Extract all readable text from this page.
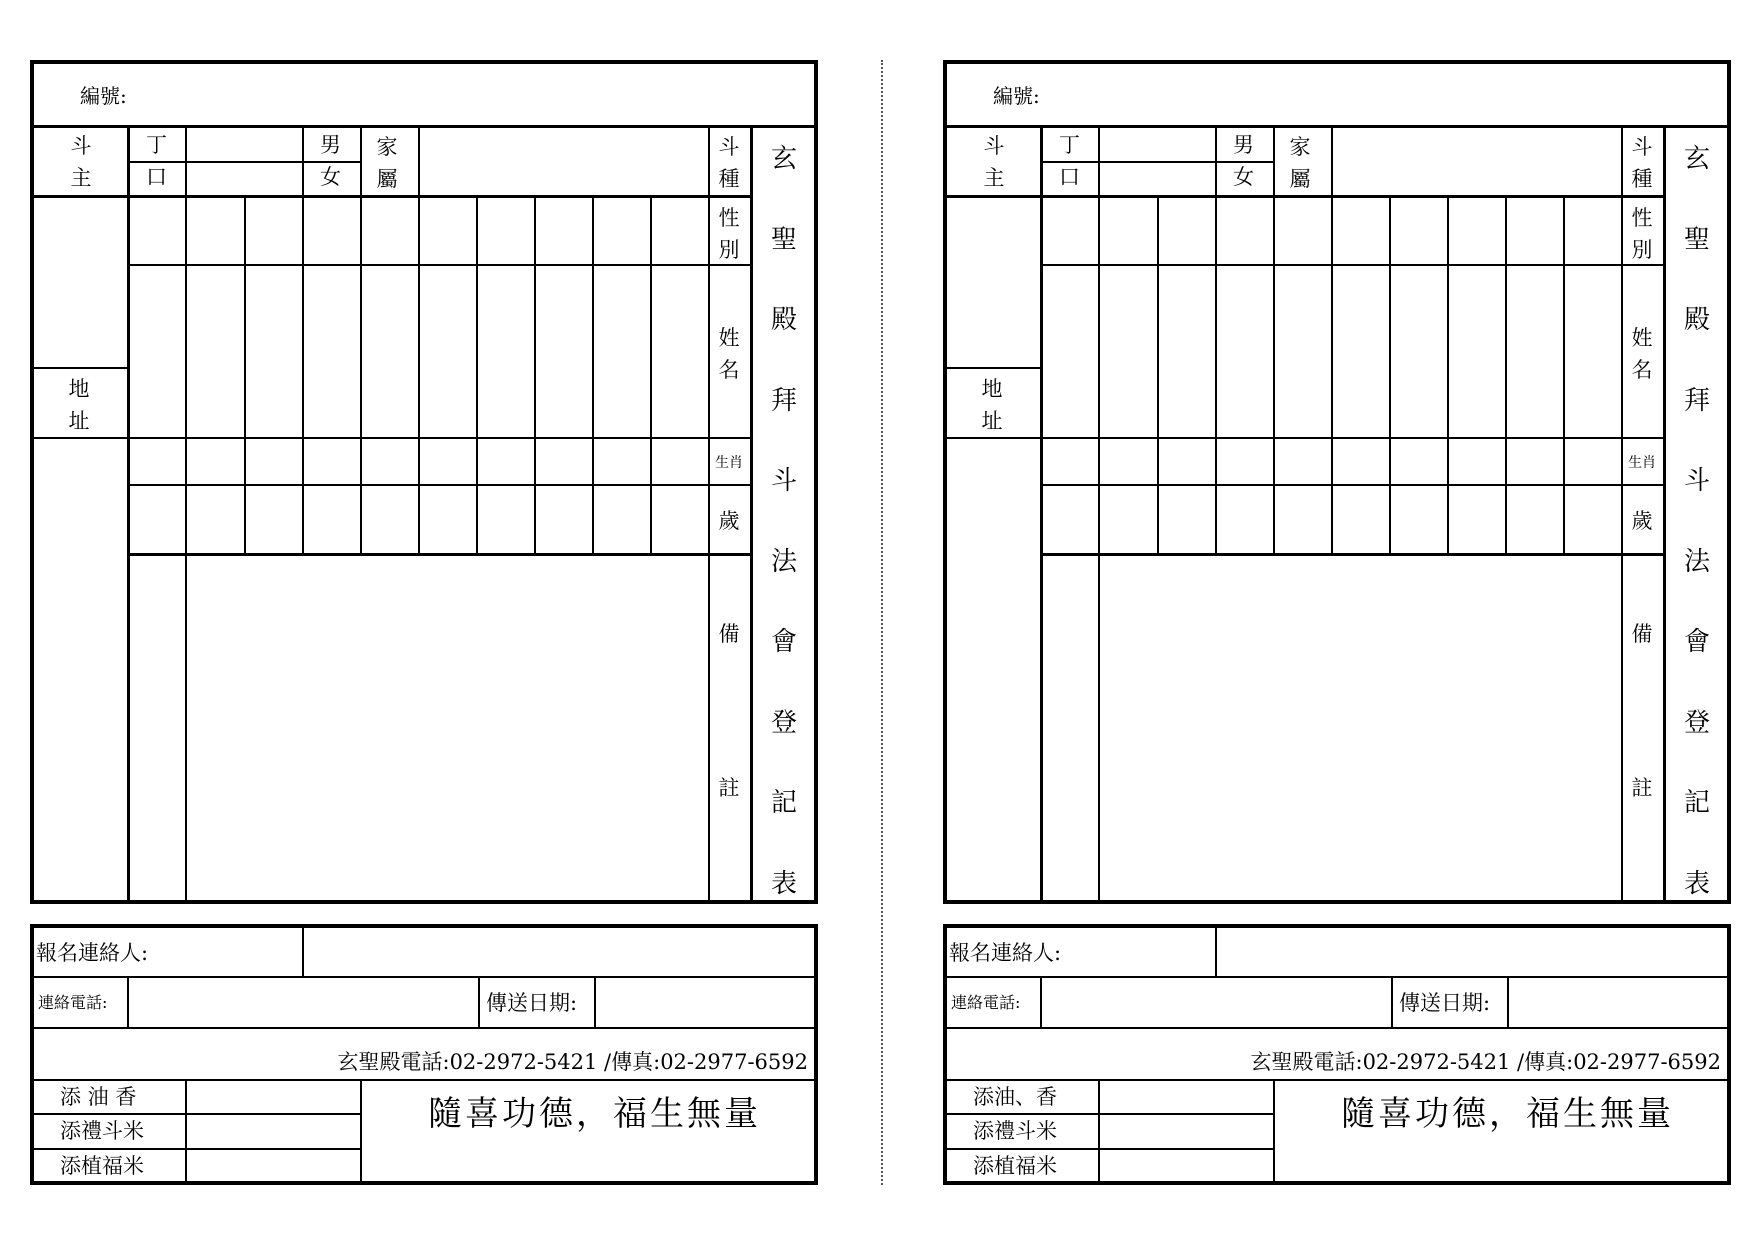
編號:
斗
主
丁
口
男
女
家
屬
斗
種
性
別
姓
名
生肖
歲
備
註
地
址
玄
聖
殿
拜
斗
法
會
登
記
表
報名連絡人:
連絡電話:	傳送日期:
玄聖殿電話:02-2972-5421 /傳真:02-2977-6592
添 油 香
添禮斗米
添植福米
隨喜功德，福生無量
編號:
斗
主
丁
口
男
女
家
屬
斗
種
性
別
姓
名
生肖
歲
備
註
地
址
玄
聖
殿
拜
斗
法
會
登
記
表
報名連絡人:
連絡電話:	傳送日期:
玄聖殿電話:02-2972-5421 /傳真:02-2977-6592
添油、香
添禮斗米
添植福米
隨喜功德，福生無量
